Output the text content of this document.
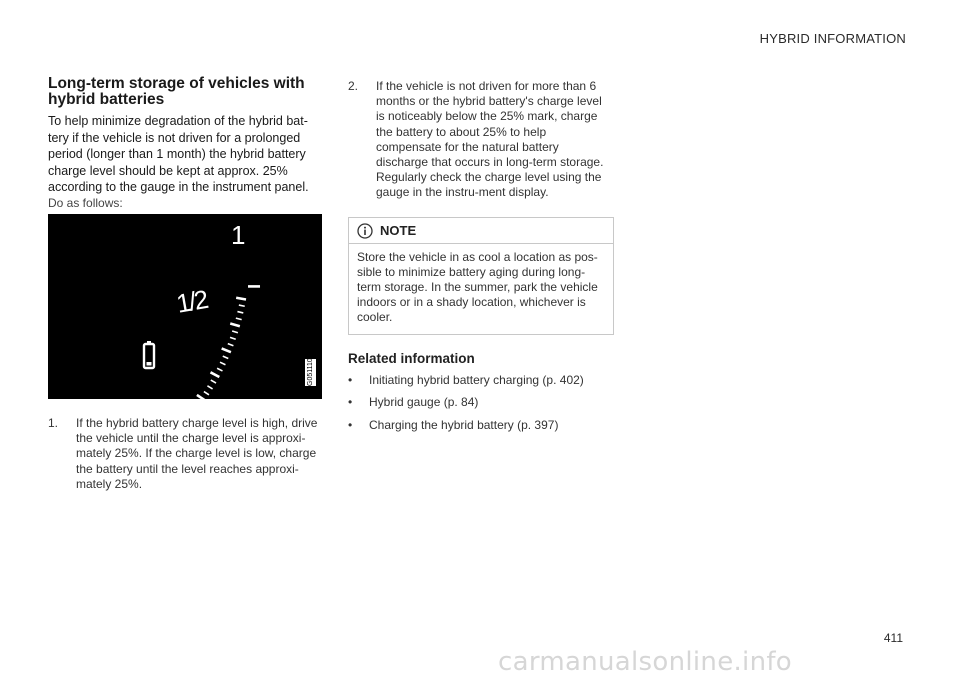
HYBRID INFORMATION
Long-term storage of vehicles with hybrid batteries

To help minimize degradation of the hybrid bat-tery if the vehicle is not driven for a prolonged period (longer than 1 month) the hybrid battery charge level should be kept at approx. 25% according to the gauge in the instrument panel.

Do as follows:

1
1/2
G051110
1. If the hybrid battery charge level is high, drive the vehicle until the charge level is approxi-mately 25%. If the charge level is low, charge the battery until the level reaches approxi-mately 25%.
2. If the vehicle is not driven for more than 6 months or the hybrid battery's charge level is noticeably below the 25% mark, charge the battery to about 25% to help compensate for the natural battery discharge that occurs in long-term storage. Regularly check the charge level using the gauge in the instru-ment display.
NOTE
Store the vehicle in as cool a location as pos-sible to minimize battery aging during long-term storage. In the summer, park the vehicle indoors or in a shady location, whichever is cooler.
Related information
• Initiating hybrid battery charging (p. 402)
• Hybrid gauge (p. 84)
• Charging the hybrid battery (p. 397)
411
carmanualsonline.info
